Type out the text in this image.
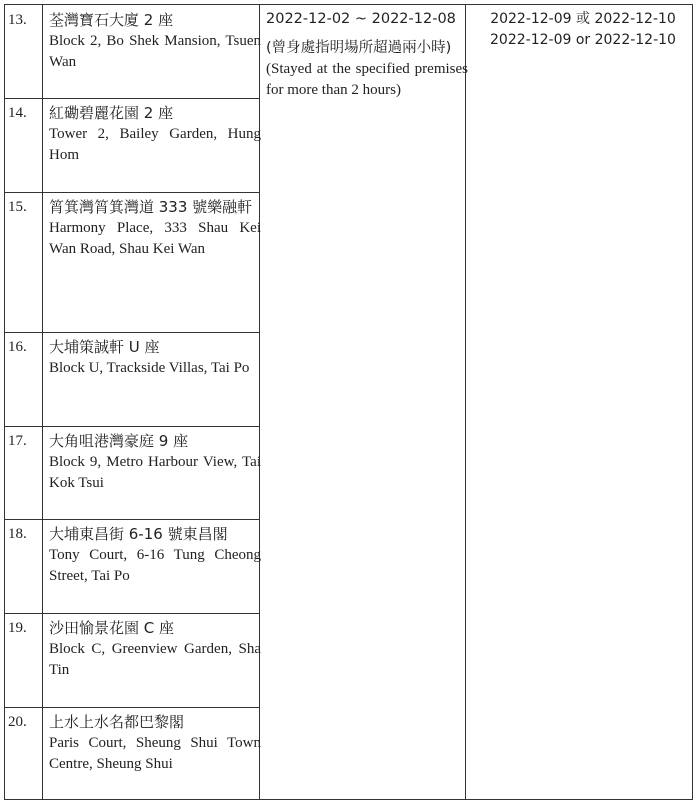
13. 荃灣寶石大廈 2 座
Block 2, Bo Shek Mansion, Tsuen Wan
14. 紅磡碧麗花園 2 座
Tower 2, Bailey Garden, Hung Hom
15. 筲箕灣筲箕灣道 333 號樂融軒
Harmony Place, 333 Shau Kei Wan Road, Shau Kei Wan
16. 大埔策誠軒 U 座
Block U, Trackside Villas, Tai Po
17. 大角咀港灣豪庭 9 座
Block 9, Metro Harbour View, Tai Kok Tsui
18. 大埔東昌街 6-16 號東昌閣
Tony Court, 6-16 Tung Cheong Street, Tai Po
19. 沙田愉景花園 C 座
Block C, Greenview Garden, Sha Tin
20. 上水上水名都巴黎閣
Paris Court, Sheung Shui Town Centre, Sheung Shui
2022-12-02 ~ 2022-12-08
(曾身處指明場所超過兩小時)
(Stayed at the specified premises for more than 2 hours)
2022-12-09 或 2022-12-10
2022-12-09 or 2022-12-10
